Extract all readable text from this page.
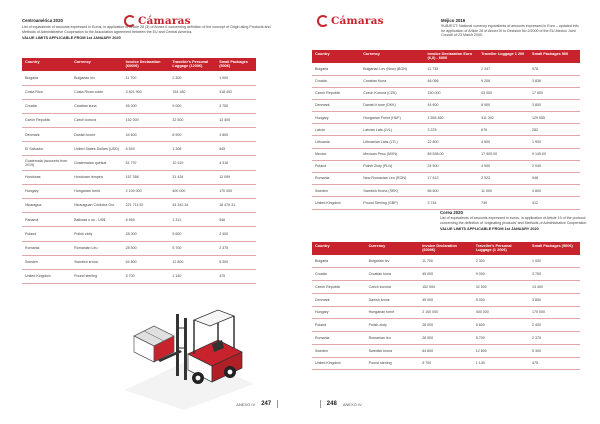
Cámaras
Centroamérica 2020
List of equivalents of amounts expressed in Euros, in application of Article 28 (3) of Annex II concerning definition of the concept of Origin ating Products and Methods of Administrative Cooperation to the Association agreement between the EU and Central America.
VALUE LIMITS APPLICABLE FROM 1st JANUARY 2020
Country	Currency	Invoice Declaration (6000€)	Traveller's Personal Luggage (1200€)	Small Packages (500€)
Bulgaria	Bulgarian lev	11 700	2 300	1 000
Costa Rica	Costa Rican colón	3 821 900	764 180	318 452
Croatia	Croatian kuna	45 000	9 000	3 750
Czech Republic	Czech koruna	152 000	32 500	13 400
Denmark	Danish krone	44 600	8 900	3 800
El Salvador	United States Dollars (USD)	6 549	1 308	545
Guatemala (accounts from 2019)	Guatemalan quetzal	51 797	10 319	4 316
Honduras	Honduran lempira	157 358	31 434	13 099
Hungary	Hungarian forint	2 100 000	400 000	170 000
Nicaragua	Nicaraguan Córdoba Oro	221 711.52	44 342.34	18 470.31
Panamá	Balboas o us - US$	6 559	1 311	546
Poland	Polish zloty	28 000	5 600	2 400
Romania	Romanian Leu	28 500	5 700	2 375
Sweden	Swedish krona	64 800	12 800	5 300
United Kingdom	Pound sterling	5 700	1 140	475
ANEXO IV 247
Cámaras	Méjico 2016
SUBJECT: National currency equivalents of amounts expressed in Euro – updated info for application of Article 28 of Annex III to Decision No 2/2000 of the EU-Mexico Joint Council of 23 March 2000.
Country	Currency	Invoice Declaration Euro (6,0) - 6000	Traveller Luggage 1 200	Small Packages 500
Bulgaria	Bulgarian Lev (New) (BGN)	11 735	2 347	978
Croatia	Croatian Kuna	46 056	9 206	3 836
Czech Republic	Czech Koruna (CZK)	150 000	43 000	17 600
Denmark	Danish Krone (DKK)	44 600	8 900	3 800
Hungary	Hungarian Forint (HUF)	1 555 460	311 392	129 555
Latvia	Latvian Lats (LVL)	3 378	676	282
Lithuania	Lithuanian Litas (LTL)	22 800	4 500	1 900
Mexico	Mexican Peso (MXN)	89 598.00	17 900.00	9 145.00
Poland	Polish Zloty (PLN)	24 500	4 900	2 040
Romania	New Romanian Leu (RON)	17 613	2 523	948
Sweden	Swedish Krona (SEK)	56 600	11 000	4 800
United Kingdom	Pound Sterling (GBP)	3 744	749	312
Corea 2020
List of equivalents of amounts expressed in euros, in application of Article 19 of the protocol concerning the definition of 'originating products' and Methods of Administrative Cooperation
VALUE LIMITS APPLICABLE FROM 1st JANUARY 2020
Country	Currency	Invoice Declaration (6000€)	Traveller's Personal Luggage (1 200€)	Small Packages (500€)
Bulgaria	Bulgarian lev	11 700	2 300	1 000
Croatia	Croatian kuna	45 000	9 000	3 750
Czech Republic	Czech koruna	152 000	32 500	13 400
Denmark	Danish krone	45 000	9 000	3 800
Hungary	Hungarian forint	2 100 000	400 000	170 000
Poland	Polish zloty	28 000	5 600	2 400
Romania	Romanian leu	28 500	5 700	2 375
Sweden	Swedish krona	64 800	12 800	5 300
United Kingdom	Pound sterling	5 700	1 140	475
248 ANEXO IV
